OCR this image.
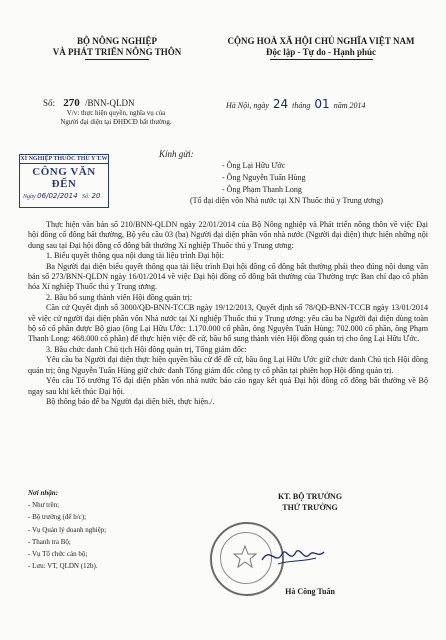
BỘ NÔNG NGHIỆP
VÀ PHÁT TRIỂN NÔNG THÔN
Số: 270 /BNN-QLDN
V/v: thực hiện quyền, nghĩa vụ của
Người đại diện tại ĐHĐCĐ bất thường.
CỘNG HOÀ XÃ HỘI CHỦ NGHĨA VIỆT NAM
Độc lập - Tự do - Hạnh phúc
Hà Nội, ngày 24 tháng 01 năm 2014
XÍ NGHIỆP THUỐC THÚ Y T.W
CÔNG VĂN ĐẾN
Ngày 06/02/2014 Số: 20
Kính gửi:
- Ông Lại Hữu Ước
- Ông Nguyễn Tuấn Hùng
- Ông Phạm Thanh Long
(Tổ đại diện vốn Nhà nước tại XN Thuốc thú y Trung ương)

Thực hiện văn bản số 210/BNN-QLDN ngày 22/01/2014 của Bộ Nông nghiệp và Phát triển nông thôn về việc Đại hội đồng cổ đông bất thường, Bộ yêu cầu 03 (ba) Người đại diện phần vốn nhà nước (Người đại diện) thực hiện những nội dung sau tại Đại hội đồng cổ đông bất thường Xí nghiệp Thuốc thú y Trung ương:

1. Biểu quyết thông qua nội dung tài liệu trình Đại hội:

Ba Người đại diện biểu quyết thông qua tài liệu trình Đại hội đồng cổ đông bất thường phải theo đúng nội dung văn bản số 273/BNN-QLDN ngày 16/01/2014 về việc Đại hội đồng cổ đông bất thường của Thường trực Ban chỉ đạo cổ phần hóa Xí nghiệp Thuốc thú y Trung ương.

2. Bầu bổ sung thành viên Hội đồng quản trị:

Căn cứ Quyết định số 3000/QĐ-BNN-TCCB ngày 19/12/2013, Quyết định số 78/QĐ-BNN-TCCB ngày 13/01/2014 về việc cử người đại diện phần vốn Nhà nước tại Xí nghiệp Thuốc thú y Trung ương: yêu cầu ba Người đại diện dùng toàn bộ số cổ phần được Bộ giao (ông Lại Hữu Ước: 1.170.000 cổ phần, ông Nguyễn Tuấn Hùng: 702.000 cổ phần, ông Phạm Thanh Long: 468.000 cổ phần) để thực hiện việc đề cử, bầu bổ sung thành viên Hội đồng quản trị cho ông Lại Hữu Ước.

3. Bầu chức danh Chủ tịch Hội đồng quản trị, Tổng giám đốc:

Yêu cầu ba Người đại diện thực hiện quyền bầu cử để đề cử, bầu ông Lại Hữu Ước giữ chức danh Chủ tịch Hội đồng quản trị; ông Nguyễn Tuấn Hùng giữ chức danh Tổng giám đốc công ty cổ phần tại phiên họp Hội đồng quản trị.

Yêu cầu Tổ trưởng Tổ đại diện phần vốn nhà nước báo cáo ngay kết quả Đại hội đồng cổ đông bất thường về Bộ ngay sau khi kết thúc Đại hội.

Bộ thông báo để ba Người đại diện biết, thực hiện./.

Nơi nhận:
- Như trên;
- Bộ trưởng (để b/c);
- Vụ Quản lý doanh nghiệp;
- Thanh tra Bộ;
- Vụ Tổ chức cán bộ;
- Lưu: VT, QLDN (12b).
KT. BỘ TRƯỞNG
THỨ TRƯỞNG
Hà Công Tuấn
